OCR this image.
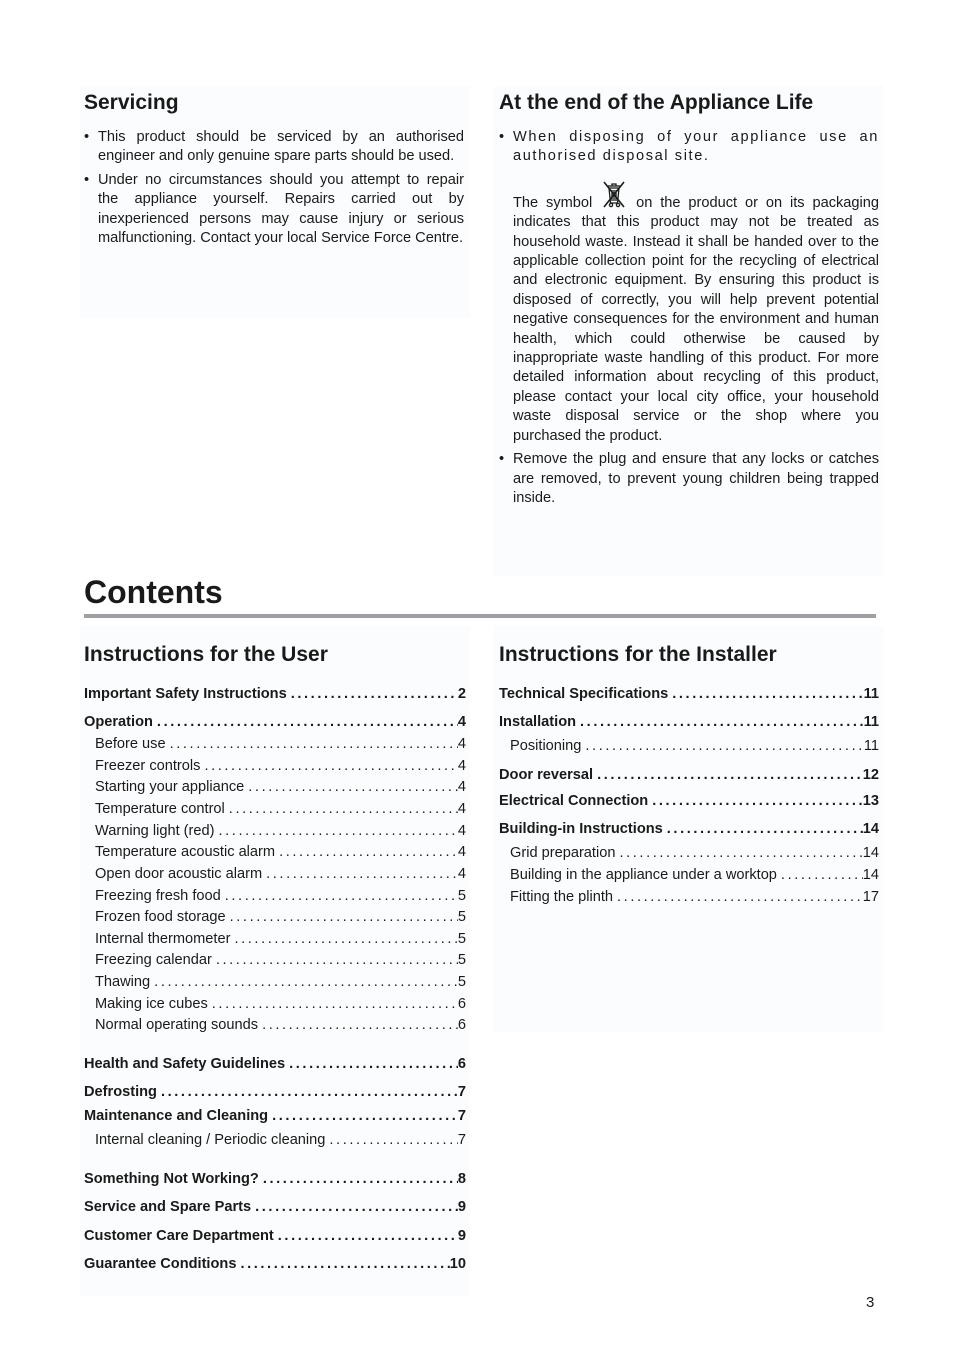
Servicing
• This product should be serviced by an authorised engineer and only genuine spare parts should be used.
• Under no circumstances should you attempt to repair the appliance yourself. Repairs carried out by inexperienced persons may cause injury or serious malfunctioning. Contact your local Service Force Centre.
At the end of the Appliance Life
• When disposing of your appliance use an authorised disposal site.

The symbol	on the product or on its packaging indicates that this product may not be treated as household waste. Instead it shall be handed over to the applicable collection point for the recycling of electrical and electronic equipment. By ensuring this product is disposed of correctly, you will help prevent potential negative consequences for the environment and human health, which could otherwise be caused by inappropriate waste handling of this product. For more detailed information about recycling of this product, please contact your local city office, your household waste disposal service or the shop where you purchased the product.

• Remove the plug and ensure that any locks or catches are removed, to prevent young children being trapped inside.
Contents
Instructions for the User
Important Safety Instructions .....	2
Operation .....	4
Before use .....	4
Freezer controls .....	4
Starting your appliance .....	4
Temperature control .....	4
Warning light (red) .....	4
Temperature acoustic alarm .....	4
Open door acoustic alarm .....	4
Freezing fresh food .....	5
Frozen food storage .....	5
Internal thermometer .....	5
Freezing calendar .....	5
Thawing .....	5
Making ice cubes .....	6
Normal operating sounds .....	6
Health and Safety Guidelines .....	6
Defrosting .....	7
Maintenance and Cleaning .....	7
Internal cleaning / Periodic cleaning .....	7
Something Not Working? .....	8
Service and Spare Parts .....	9
Customer Care Department .....	9
Guarantee Conditions .....	10
Instructions for the Installer
Technical Specifications .....	11
Installation .....	11
Positioning .....	11
Door reversal .....	12
Electrical Connection .....	13
Building-in Instructions .....	14
Grid preparation .....	14
Building in the appliance under a worktop .....	14
Fitting the plinth .....	17
3
